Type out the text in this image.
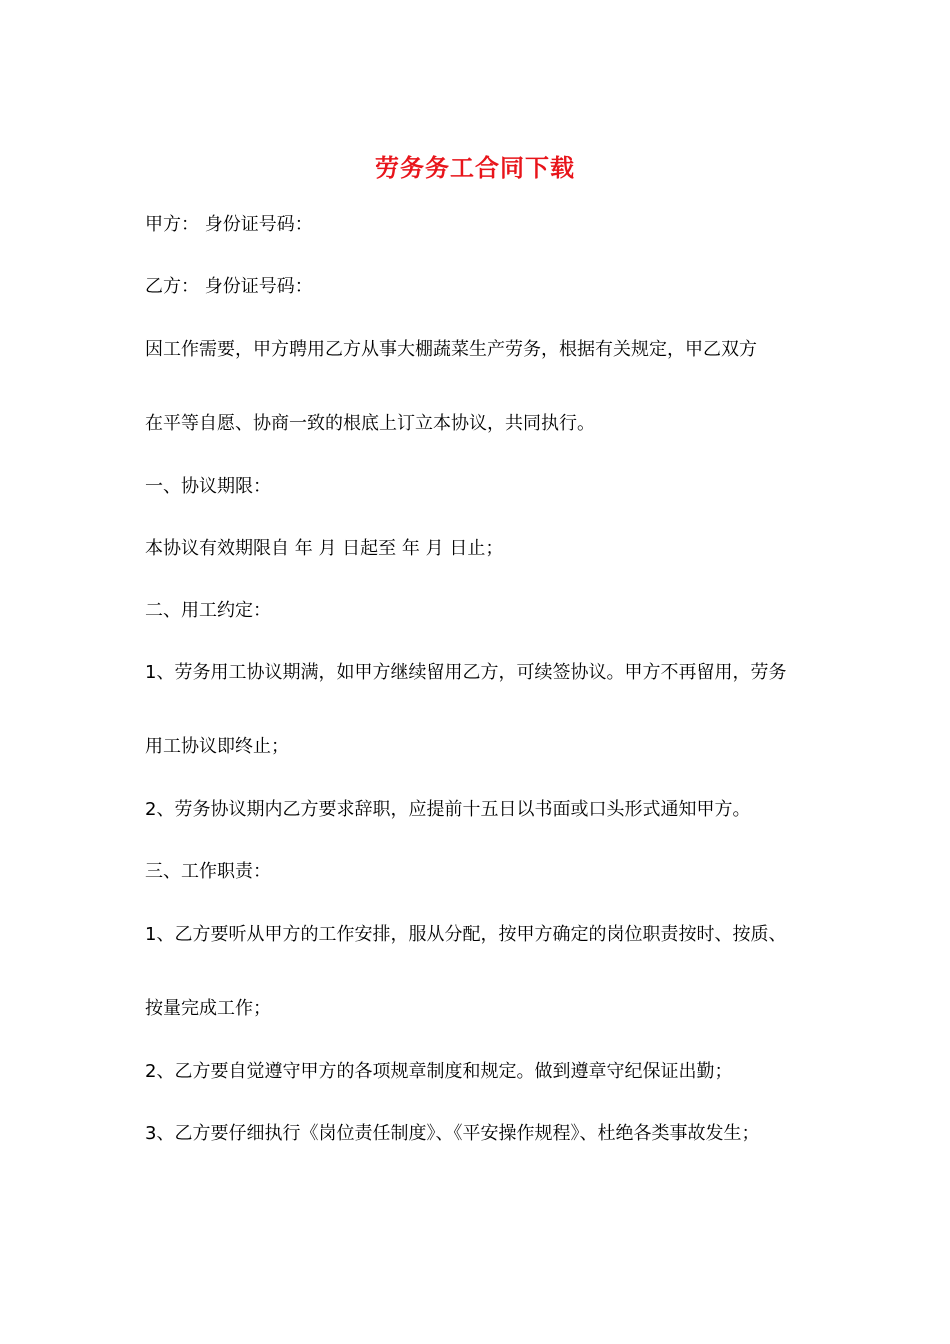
劳务务工合同下载
甲方： 身份证号码：
乙方： 身份证号码：
因工作需要，甲方聘用乙方从事大棚蔬菜生产劳务，根据有关规定，甲乙双方
在平等自愿、协商一致的根底上订立本协议，共同执行。
一、协议期限：
本协议有效期限自 年 月 日起至 年 月 日止；
二、用工约定：
1、劳务用工协议期满，如甲方继续留用乙方，可续签协议。甲方不再留用，劳务
用工协议即终止；
2、劳务协议期内乙方要求辞职，应提前十五日以书面或口头形式通知甲方。
三、工作职责：
1、乙方要听从甲方的工作安排，服从分配，按甲方确定的岗位职责按时、按质、
按量完成工作；
2、乙方要自觉遵守甲方的各项规章制度和规定。做到遵章守纪保证出勤；
3、乙方要仔细执行《岗位责任制度》、《平安操作规程》、杜绝各类事故发生；
